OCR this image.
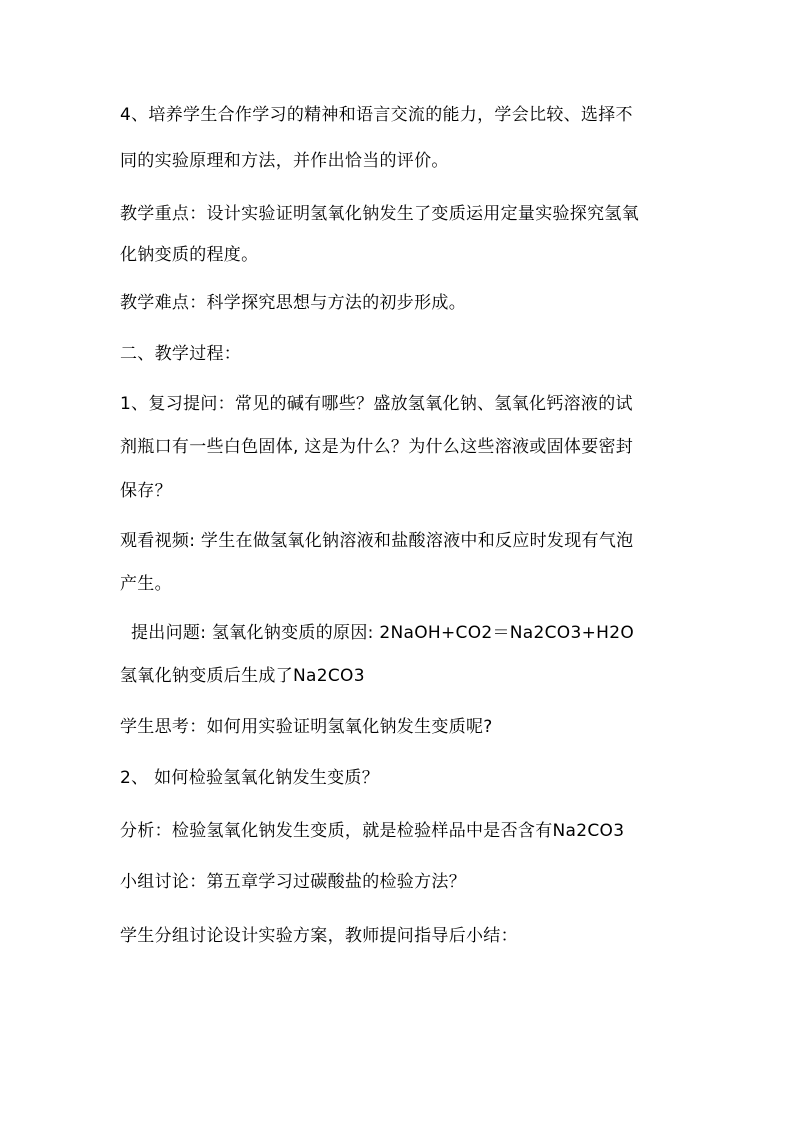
4、培养学生合作学习的精神和语言交流的能力，学会比较、选择不
同的实验原理和方法，并作出恰当的评价。
教学重点：设计实验证明氢氧化钠发生了变质运用定量实验探究氢氧
化钠变质的程度。
教学难点：科学探究思想与方法的初步形成。
二、教学过程：
1、复习提问：常见的碱有哪些？盛放氢氧化钠、氢氧化钙溶液的试
剂瓶口有一些白色固体, 这是为什么？为什么这些溶液或固体要密封
保存？
观看视频: 学生在做氢氧化钠溶液和盐酸溶液中和反应时发现有气泡
产生。
提出问题: 氢氧化钠变质的原因: 2NaOH+CO2＝Na2CO3+H2O
氢氧化钠变质后生成了Na2CO3
学生思考：如何用实验证明氢氧化钠发生变质呢?
2、 如何检验氢氧化钠发生变质？
分析：检验氢氧化钠发生变质，就是检验样品中是否含有Na2CO3
小组讨论：第五章学习过碳酸盐的检验方法？
学生分组讨论设计实验方案，教师提问指导后小结：
